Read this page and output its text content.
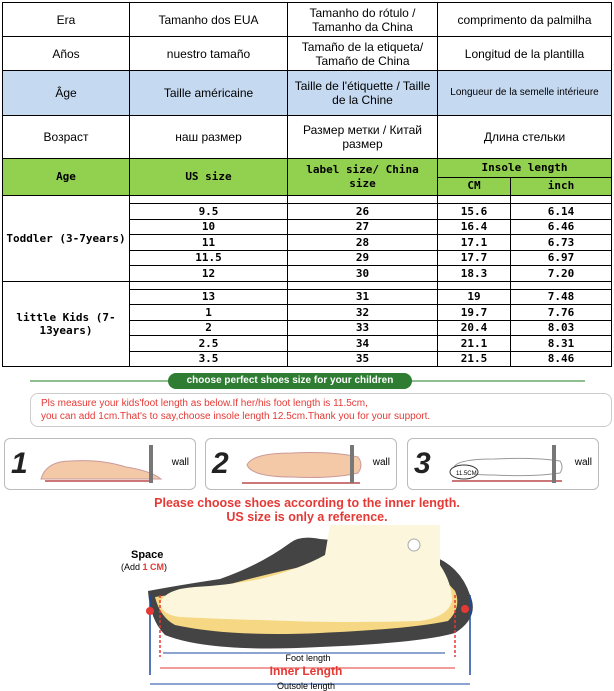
Era	Tamanho dos EUA	Tamanho do rótulo / Tamanho da China	comprimento da palmilha	
Años	nuestro tamaño	Tamaño de la etiqueta/ Tamaño de China	Longitud de la plantilla	
Âge	Taille américaine	Taille de l'étiquette / Taille de la Chine	Longueur de la semelle intérieure	
Возраст	наш размер	Размер метки / Китай размер	Длина стельки	
Age	US size	label size/ China size	Insole length	
			CM	inch
Toddler (3-7years)				
	9.5	26	15.6	6.14
	10	27	16.4	6.46
	11	28	17.1	6.73
	11.5	29	17.7	6.97
	12	30	18.3	7.20
little Kids (7-13years)				
	13	31	19	7.48
	1	32	19.7	7.76
	2	33	20.4	8.03
	2.5	34	21.1	8.31
	3.5	35	21.5	8.46
choose perfect shoes size for your children
Pls measure your kids'foot length as below.If her/his foot length is 11.5cm,
you can add 1cm.That's to say,choose insole length 12.5cm.Thank you for your support.
1	wall 2	wall 3	11.5CM
wall
Please choose shoes according to the inner length.
US size is only a reference.
Space
(Add 1 CM)
Foot length
Inner Length
Outsole length
